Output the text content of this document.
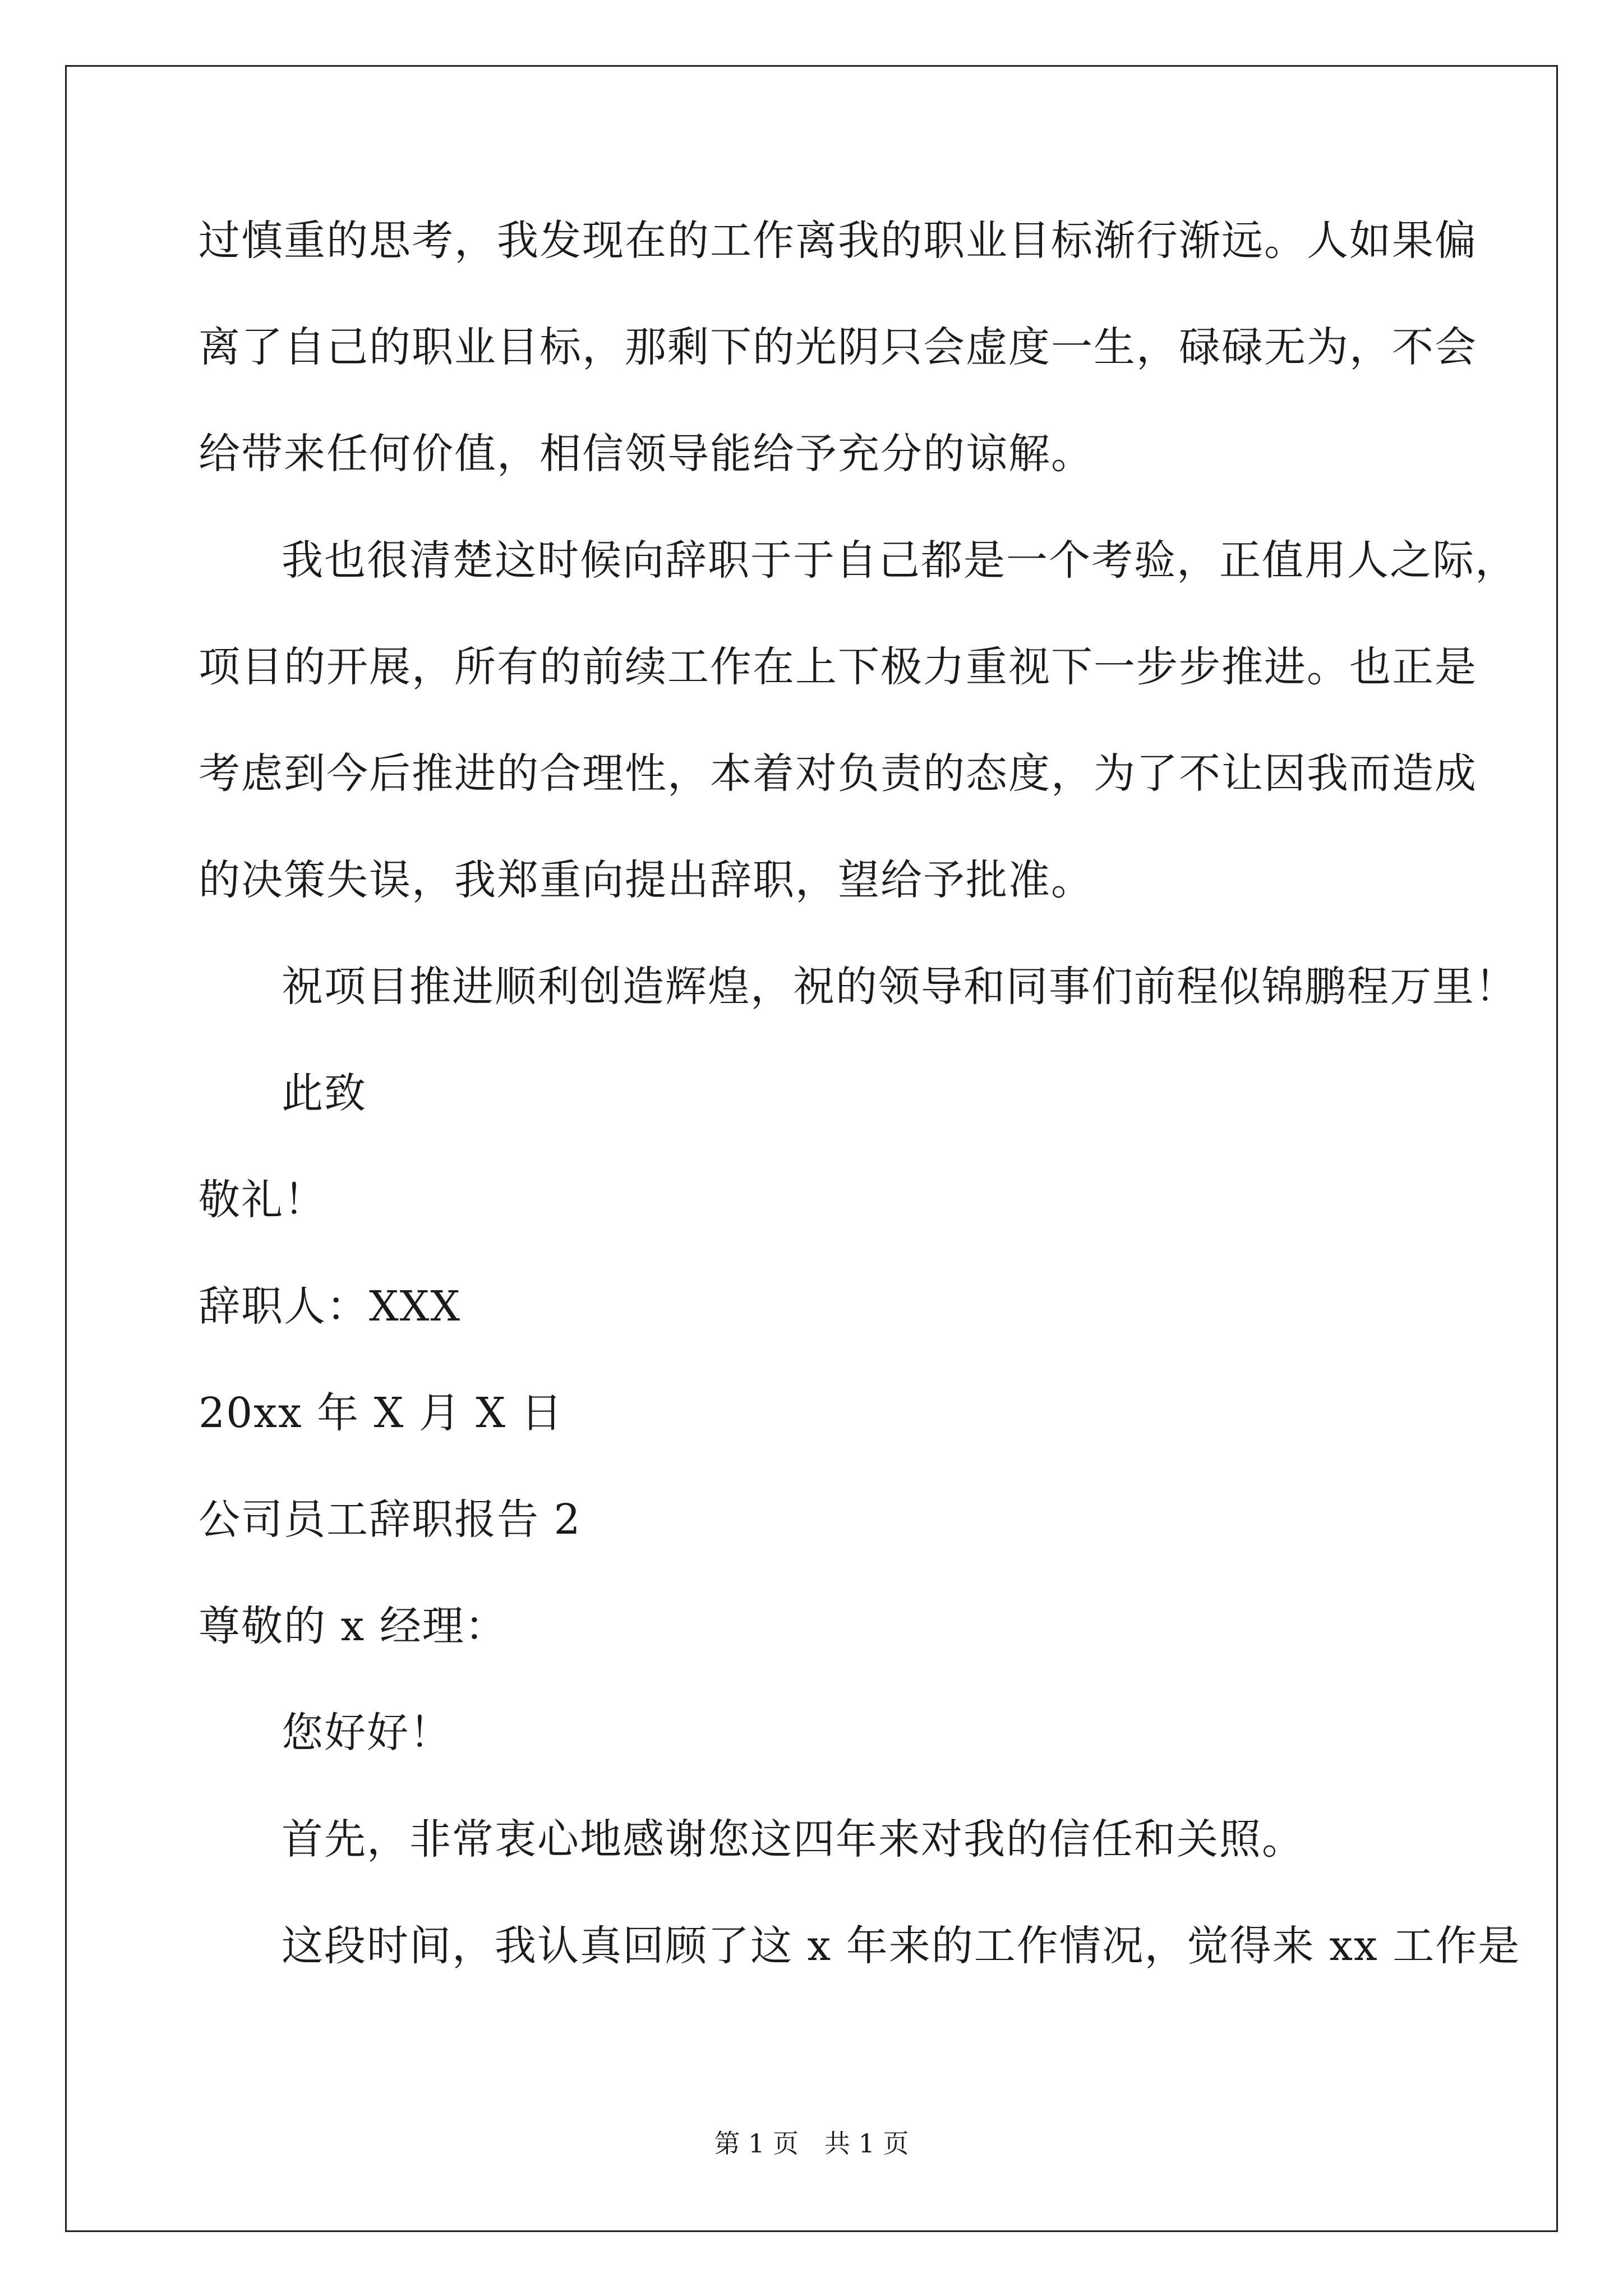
过慎重的思考，我发现在的工作离我的职业目标渐行渐远。人如果偏
离了自己的职业目标，那剩下的光阴只会虚度一生，碌碌无为，不会
给带来任何价值，相信领导能给予充分的谅解。
我也很清楚这时候向辞职于于自己都是一个考验，正值用人之际，
项目的开展，所有的前续工作在上下极力重视下一步步推进。也正是
考虑到今后推进的合理性，本着对负责的态度，为了不让因我而造成
的决策失误，我郑重向提出辞职，望给予批准。
祝项目推进顺利创造辉煌，祝的领导和同事们前程似锦鹏程万里！
此致
敬礼！
辞职人：XXX
20xx 年 X 月 X 日
公司员工辞职报告 2
尊敬的 x 经理：
您好好！
首先，非常衷心地感谢您这四年来对我的信任和关照。
这段时间，我认真回顾了这 x 年来的工作情况，觉得来 xx 工作是
第 1 页　共 1 页
